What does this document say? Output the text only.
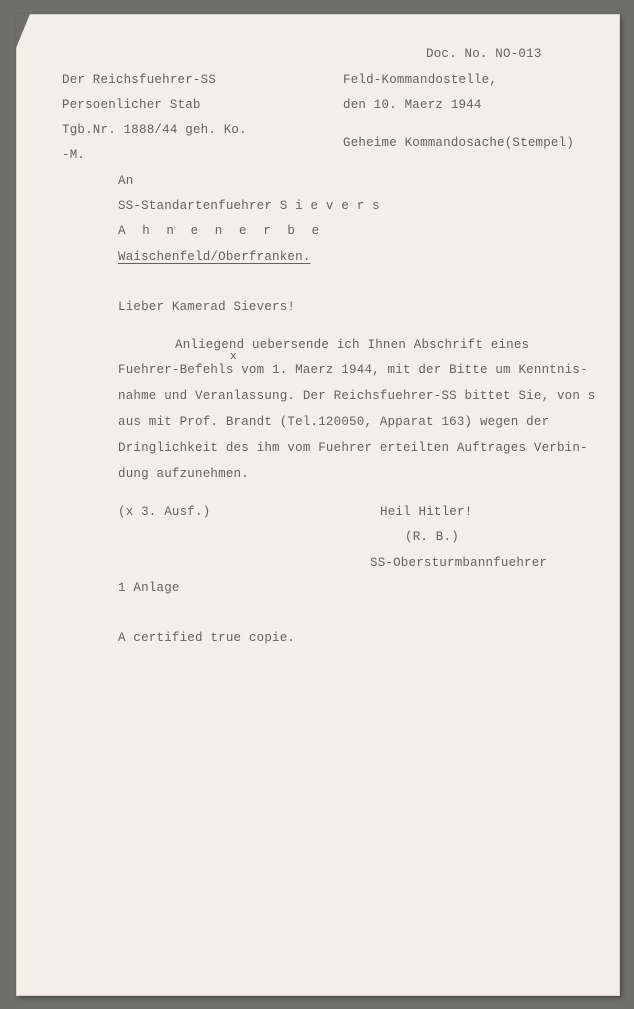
Doc. No. NO-013
Der Reichsfuehrer-SS
Persoenlicher Stab
Tgb.Nr. 1888/44 geh. Ko.
-M.
Feld-Kommandostelle,
den 10. Maerz 1944
Geheime Kommandosache(Stempel)
An
SS-Standartenfuehrer S i e v e r s
A h n e n e r b e
Waischenfeld/Oberfranken.
Lieber Kamerad Sievers!
Anliegend uebersende ich Ihnen Abschrift eines
x
Fuehrer-Befehls vom 1. Maerz 1944, mit der Bitte um Kenntnis-
nahme und Veranlassung. Der Reichsfuehrer-SS bittet Sie, von s
aus mit Prof. Brandt (Tel.120050, Apparat 163) wegen der
Dringlichkeit des ihm vom Fuehrer erteilten Auftrages Verbin-
dung aufzunehmen.
(x 3. Ausf.)	Heil Hitler!
(R. B.)
SS-Obersturmbannfuehrer
1 Anlage
A certified true copie.
